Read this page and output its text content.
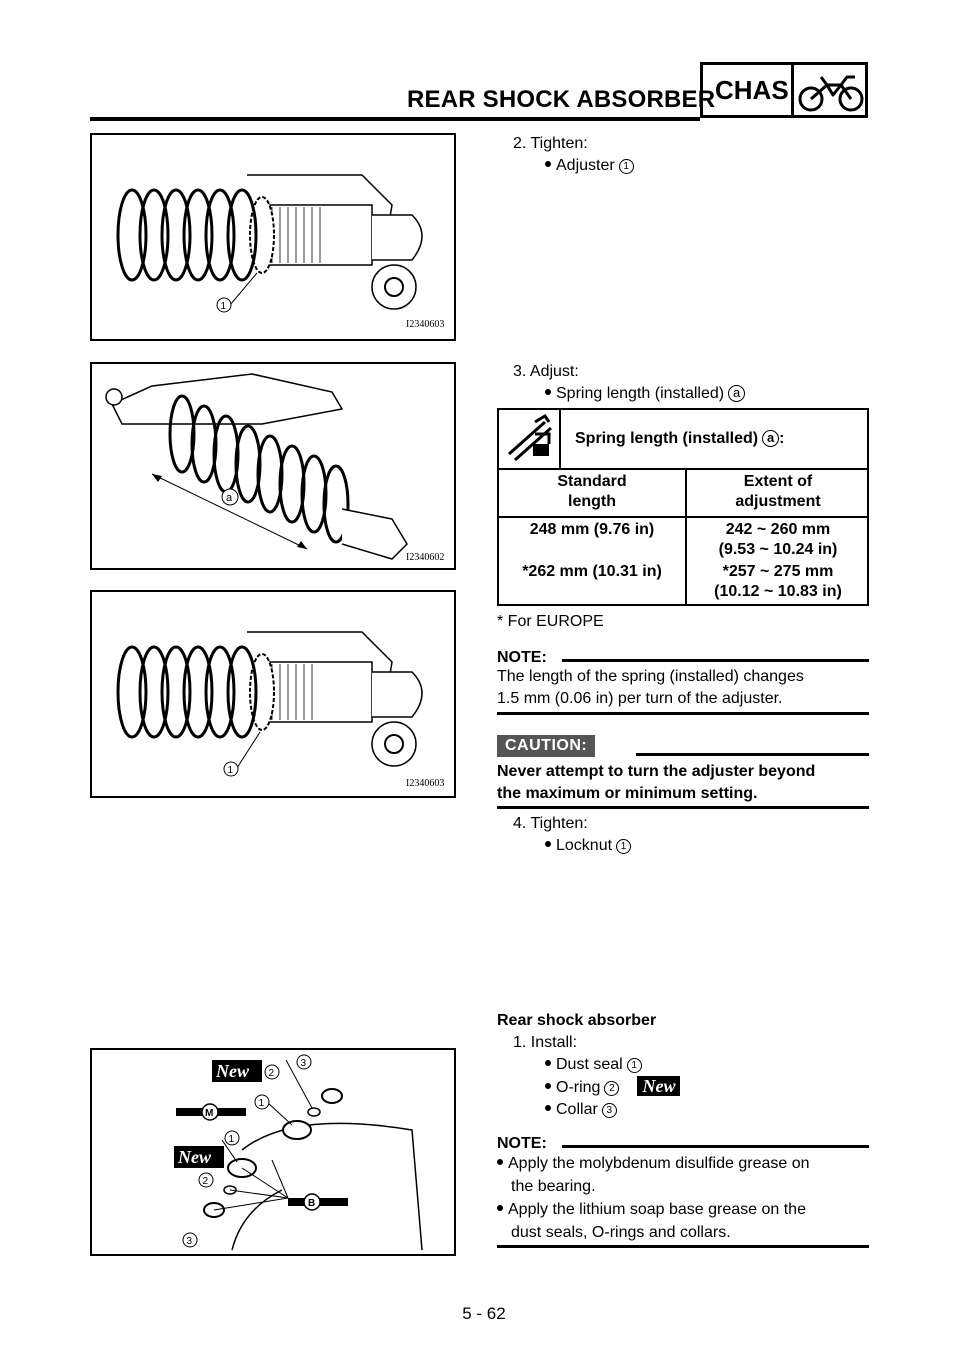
REAR SHOCK ABSORBER CHAS
1
I2340603
2. Tighten:
Adjuster 1
a
I2340602
3. Adjust:
Spring length (installed) a
Spring length (installed) a :
Standard
length
Extent of
adjustment
248 mm (9.76 in)
*262 mm (10.31 in)
242 ~ 260 mm
(9.53 ~ 10.24 in)
*257 ~ 275 mm
(10.12 ~ 10.83 in)
* For EUROPE
NOTE:
The length of the spring (installed) changes
1.5 mm (0.06 in) per turn of the adjuster.
1
I2340603
CAUTION:
Never attempt to turn the adjuster beyond
the maximum or minimum setting.
4. Tighten:
Locknut 1
Rear shock absorber
1. Install:
Dust seal 1
O-ring 2 New
Collar 3
NOTE:
Apply the molybdenum disulfide grease on
the bearing.
Apply the lithium soap base grease on the
dust seals, O-rings and collars.
M
B
New
New
2
3
1
1
2
3
5 - 62
